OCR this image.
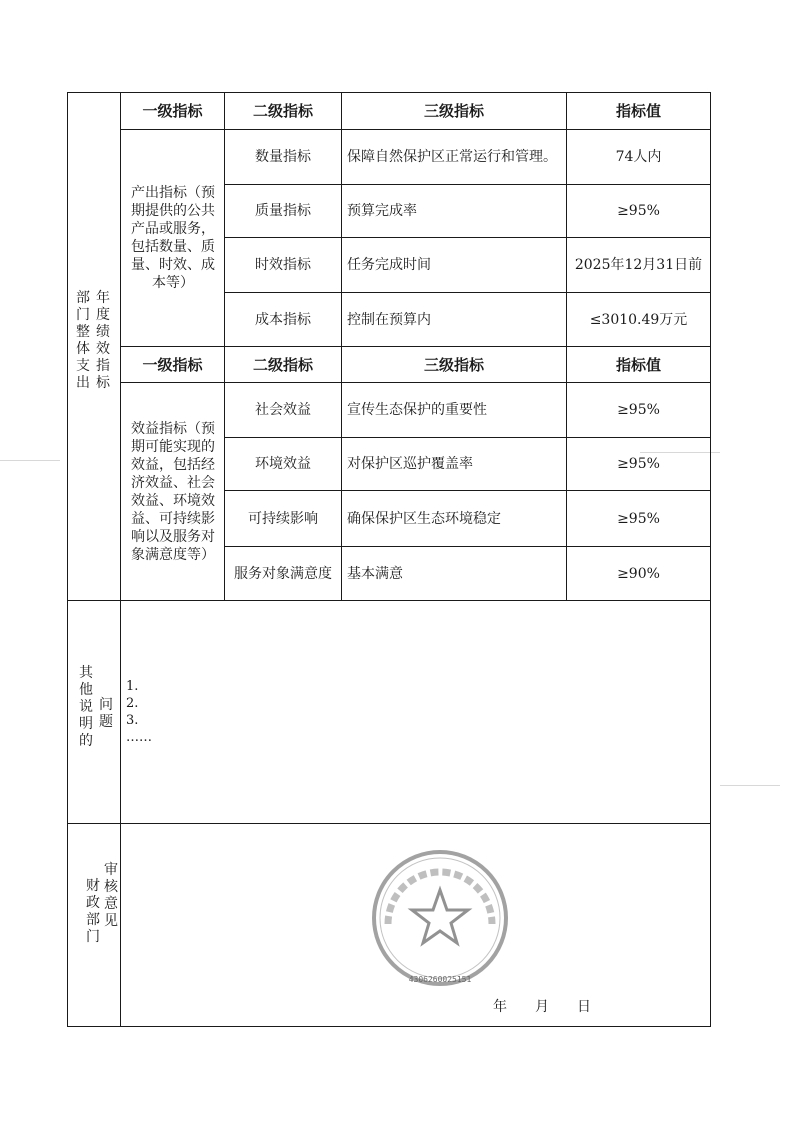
部门整体支出
年度绩效指标
一级指标	二级指标	三级指标	指标值
产出指标（预期提供的公共产品或服务，包括数量、质量、时效、成本等）
数量指标	保障自然保护区正常运行和管理。	74人内
质量指标	预算完成率	≥95%
时效指标	任务完成时间	2025年12月31日前
成本指标	控制在预算内	≤3010.49万元
一级指标	二级指标	三级指标	指标值
效益指标（预期可能实现的效益，包括经济效益、社会效益、环境效益、可持续影响以及服务对象满意度等）
社会效益	宣传生态保护的重要性	≥95%
环境效益	对保护区巡护覆盖率	≥95%
可持续影响	确保保护区生态环境稳定	≥95%
服务对象满意度	基本满意	≥90%
其他说明的
问题
1.
2.
3.
……
财政部门
审核意见
4306260025151
年　　月　　日
